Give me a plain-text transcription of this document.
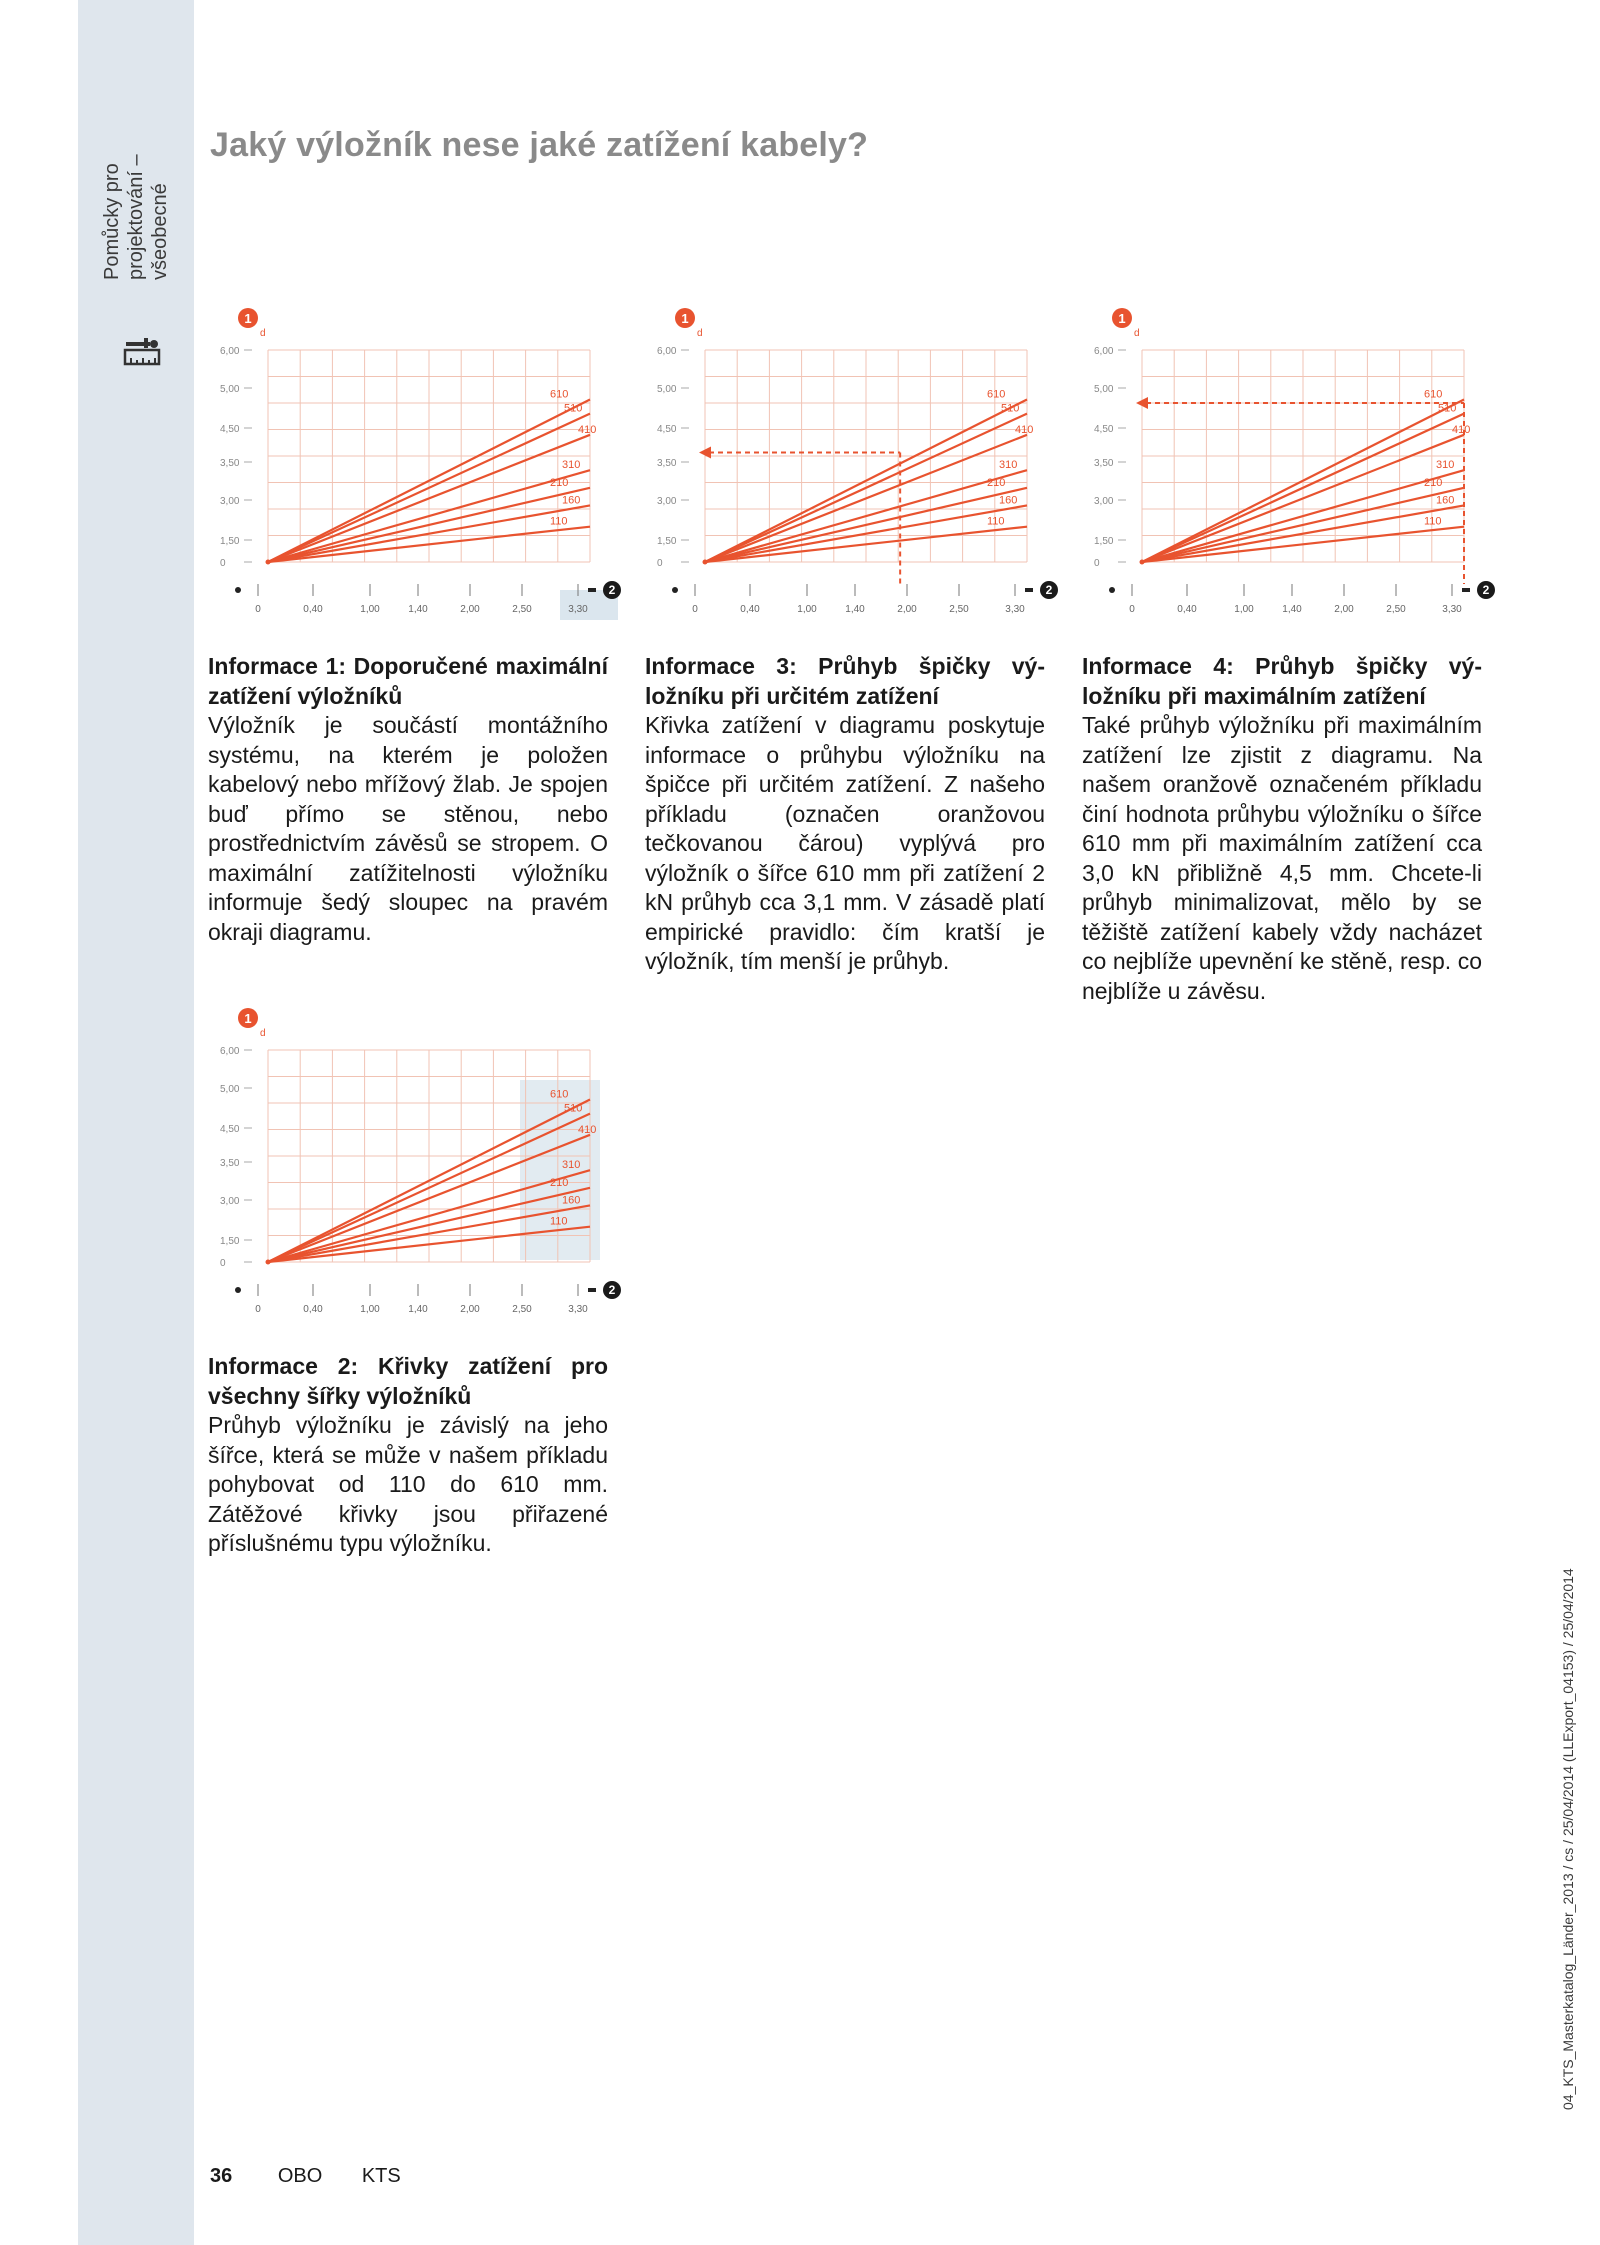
Pomůcky pro projektování – všeobecné
Jaký výložník nese jaké zatížení kabely?
1
d
6,00
5,00
4,50
3,50
3,00
1,50
0
0	0,40	1,00	1,40	2,00	2,50	3,30
2
610
510
410
310
210
160
110
1
d
6,00
5,00
4,50
3,50
3,00
1,50
0
0	0,40	1,00	1,40	2,00	2,50	3,30
2
610
510
410
310
210
160
110
1
d
6,00
5,00
4,50
3,50
3,00
1,50
0
0	0,40	1,00	1,40	2,00	2,50	3,30
2
610
510
410
310
210
160
110
1
d
6,00
5,00
4,50
3,50
3,00
1,50
0
0	0,40	1,00	1,40	2,00	2,50	3,30
2
610
510
410
310
210
160
110
Informace 1: Doporučené maximální zatížení výložníků
Výložník je součástí montážního systému, na kterém je položen kabelový nebo mřížový žlab. Je spojen buď přímo se stěnou, nebo prostřednictvím závěsů se stropem. O maximální zatížitelnosti výložníku informuje šedý sloupec na pravém okraji diagramu.
Informace 3: Průhyb špičky výložníku při určitém zatížení
Křivka zatížení v diagramu poskytuje informace o průhybu výložníku na špičce při určitém zatížení. Z našeho příkladu (označen oranžovou tečkovanou čárou) vyplývá pro výložník o šířce 610 mm při zatížení 2 kN průhyb cca 3,1 mm. V zásadě platí empirické pravidlo: čím kratší je výložník, tím menší je průhyb.
Informace 4: Průhyb špičky výložníku při maximálním zatížení
Také průhyb výložníku při maximálním zatížení lze zjistit z diagramu. Na našem oranžově označeném příkladu činí hodnota průhybu výložníku o šířce 610 mm při maximálním zatížení cca 3,0 kN přibližně 4,5 mm. Chcete-li průhyb minimalizovat, mělo by se těžiště zatížení kabely vždy nacházet co nejblíže upevnění ke stěně, resp. co nejblíže u závěsu.
Informace 2: Křivky zatížení pro všechny šířky výložníků
Průhyb výložníku je závislý na jeho šířce, která se může v našem příkladu pohybovat od 110 do 610 mm. Zátěžové křivky jsou přiřazené příslušnému typu výložníku.
36 OBO KTS
04_KTS_Masterkatalog_Länder_2013 / cs / 25/04/2014 (LLExport_04153) / 25/04/2014
